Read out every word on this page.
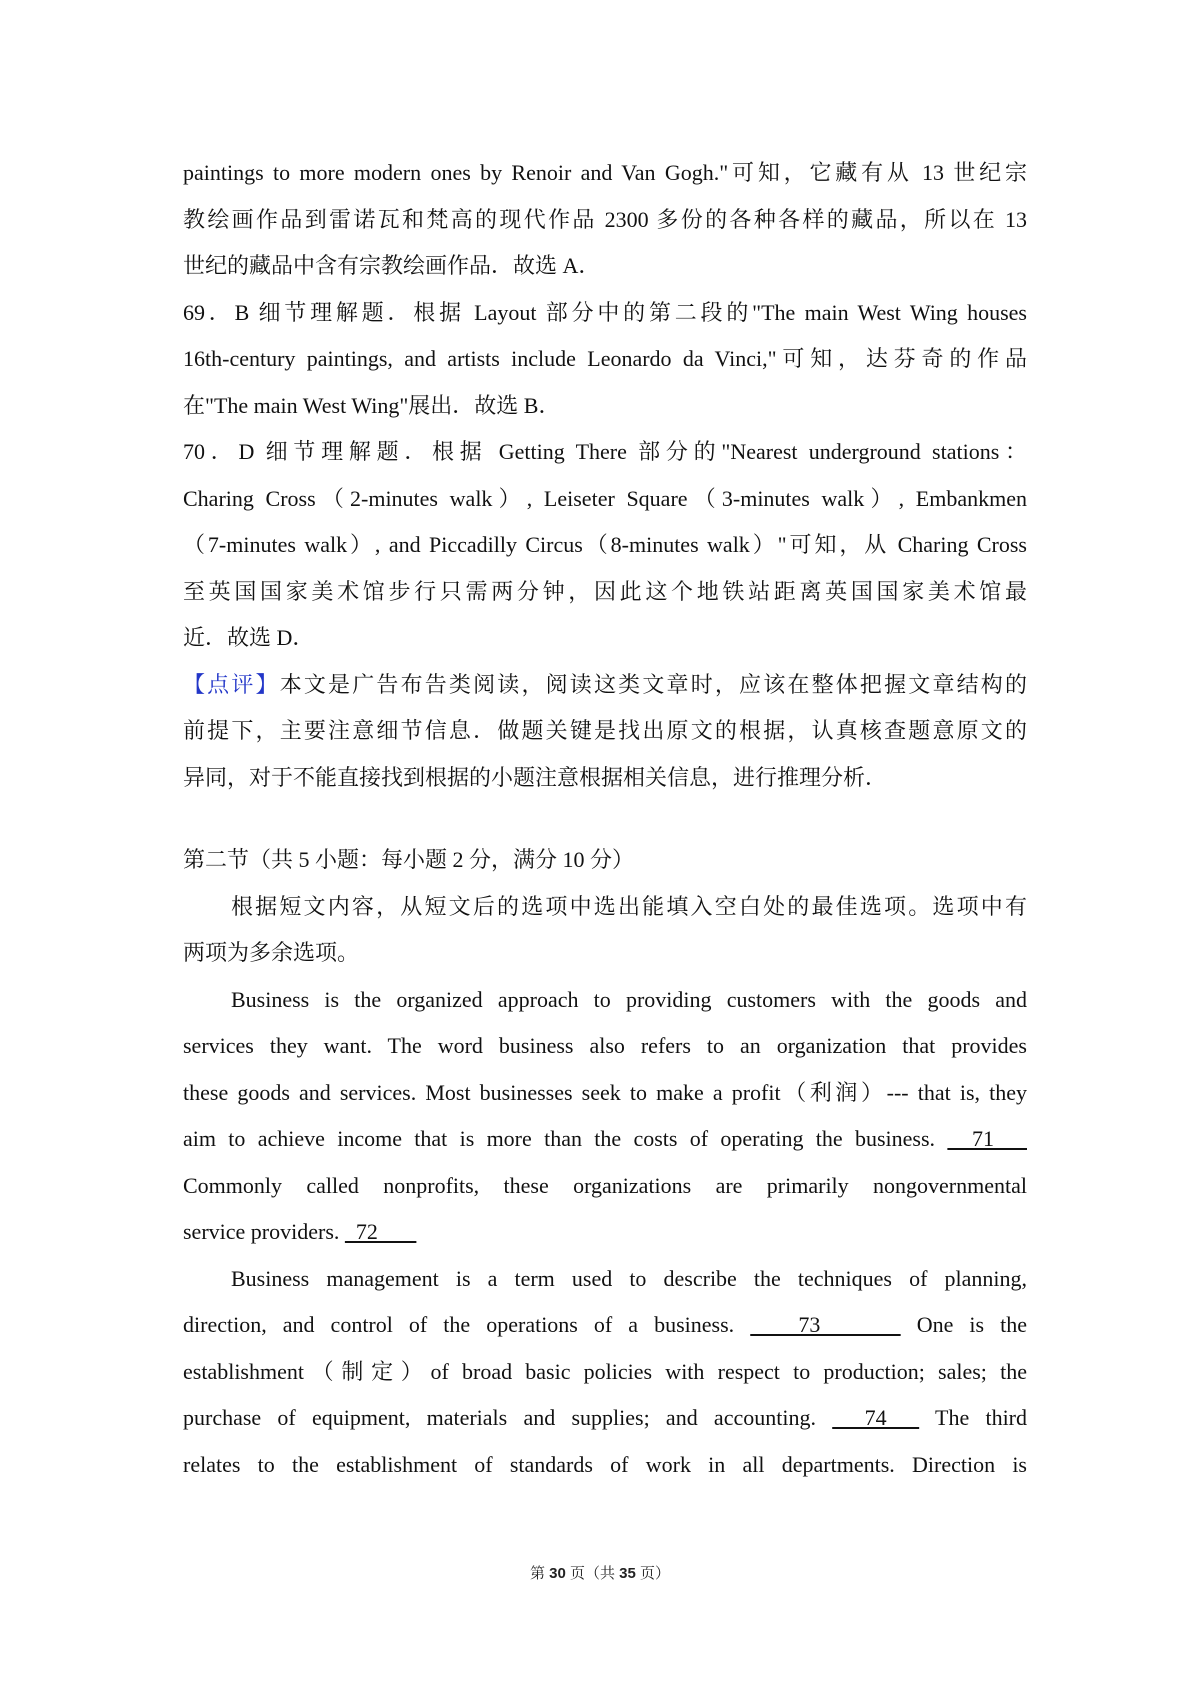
paintings to more modern ones by Renoir and Van Gogh."可知，它藏有从 13 世纪宗
教绘画作品到雷诺瓦和梵高的现代作品 2300 多份的各种各样的藏品，所以在 13
世纪的藏品中含有宗教绘画作品．故选 A．
69．B 细节理解题．根据 Layout 部分中的第二段的"The main West Wing houses
16th-century paintings, and artists include Leonardo da Vinci,"可知，达芬奇的作品
在"The main West Wing"展出．故选 B．
70．D 细节理解题．根据 Getting There 部分的"Nearest underground stations：
Charing Cross（2-minutes walk）, Leiseter Square（3-minutes walk）, Embankmen
（7-minutes walk）, and Piccadilly Circus（8-minutes walk）"可知，从 Charing Cross
至英国国家美术馆步行只需两分钟，因此这个地铁站距离英国国家美术馆最
近．故选 D．
【点评】本文是广告布告类阅读，阅读这类文章时，应该在整体把握文章结构的
前提下，主要注意细节信息．做题关键是找出原文的根据，认真核查题意原文的
异同，对于不能直接找到根据的小题注意根据相关信息，进行推理分析．
第二节（共 5 小题：每小题 2 分，满分 10 分）
根据短文内容，从短文后的选项中选出能填入空白处的最佳选项。选项中有
两项为多余选项。
Business is the organized approach to providing customers with the goods and
services they want. The word business also refers to an organization that provides
these goods and services. Most businesses seek to make a profit（利润）--- that is, they
aim to achieve income that is more than the costs of operating the business.   71
Commonly called nonprofits, these organizations are primarily nongovernmental
service providers.   72
Business management is a term used to describe the techniques of planning,
direction, and control of the operations of a business.    73      One is the
establishment（制定）of broad basic policies with respect to production; sales; the
purchase of equipment, materials and supplies; and accounting.   74   The third
relates to the establishment of standards of work in all departments. Direction is
第 30 页（共 35 页）
